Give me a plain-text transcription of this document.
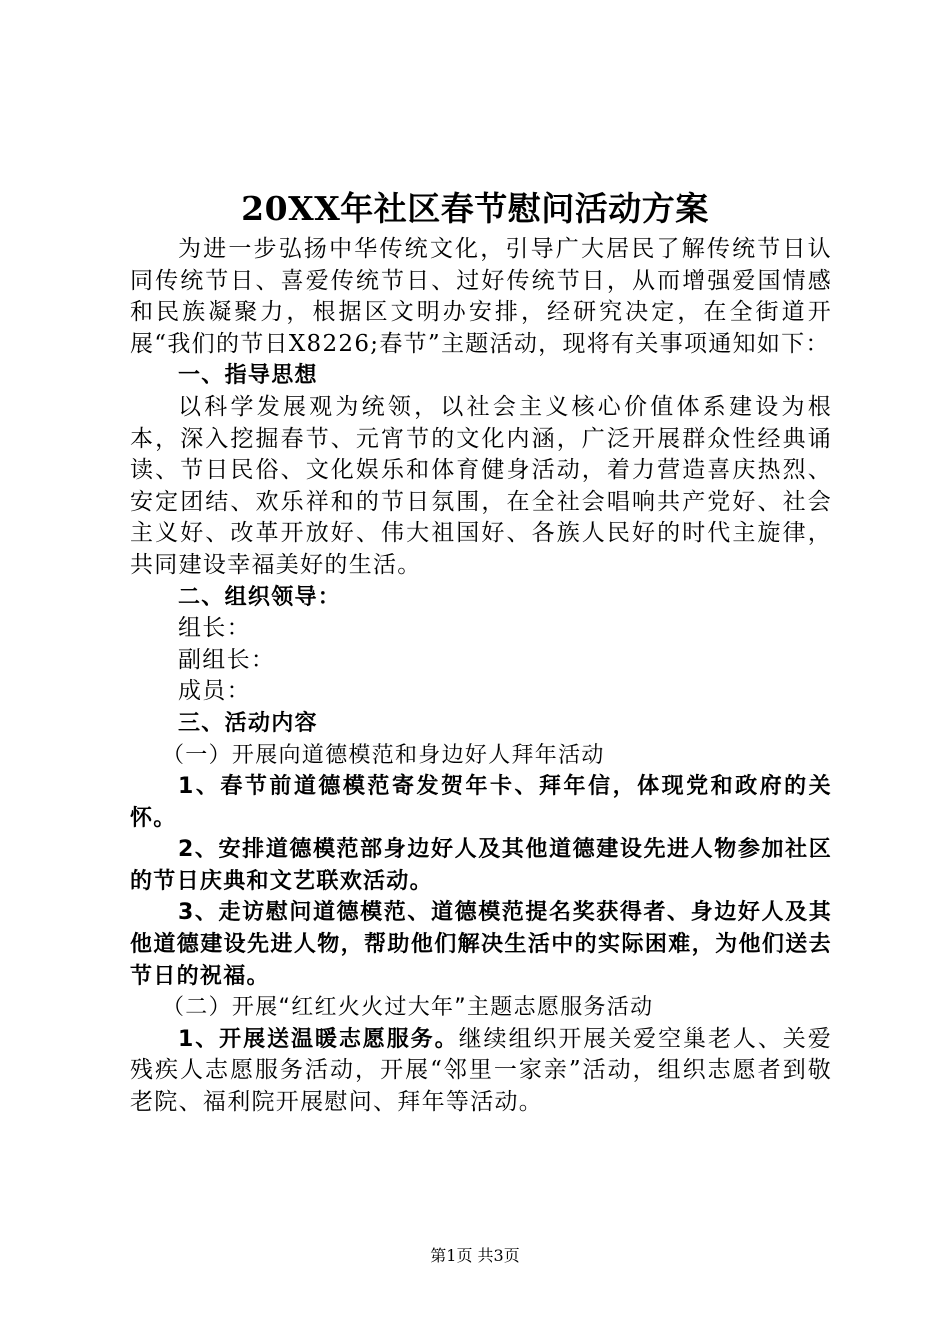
20XX年社区春节慰问活动方案

为进一步弘扬中华传统文化，引导广大居民了解传统节日认同传统节日、喜爱传统节日、过好传统节日，从而增强爱国情感和民族凝聚力，根据区文明办安排，经研究决定，在全街道开展“我们的节日X8226;春节”主题活动，现将有关事项通知如下：

一、指导思想

以科学发展观为统领，以社会主义核心价值体系建设为根本，深入挖掘春节、元宵节的文化内涵，广泛开展群众性经典诵读、节日民俗、文化娱乐和体育健身活动，着力营造喜庆热烈、安定团结、欢乐祥和的节日氛围，在全社会唱响共产党好、社会主义好、改革开放好、伟大祖国好、各族人民好的时代主旋律，共同建设幸福美好的生活。

二、组织领导：

组长：

副组长：

成员：

三、活动内容

（一）开展向道德模范和身边好人拜年活动

1、春节前道德模范寄发贺年卡、拜年信，体现党和政府的关怀。

2、安排道德模范部身边好人及其他道德建设先进人物参加社区的节日庆典和文艺联欢活动。

3、走访慰问道德模范、道德模范提名奖获得者、身边好人及其他道德建设先进人物，帮助他们解决生活中的实际困难，为他们送去节日的祝福。

（二）开展“红红火火过大年”主题志愿服务活动

1、开展送温暖志愿服务。继续组织开展关爱空巢老人、关爱残疾人志愿服务活动，开展“邻里一家亲”活动，组织志愿者到敬老院、福利院开展慰问、拜年等活动。

第1页 共3页
